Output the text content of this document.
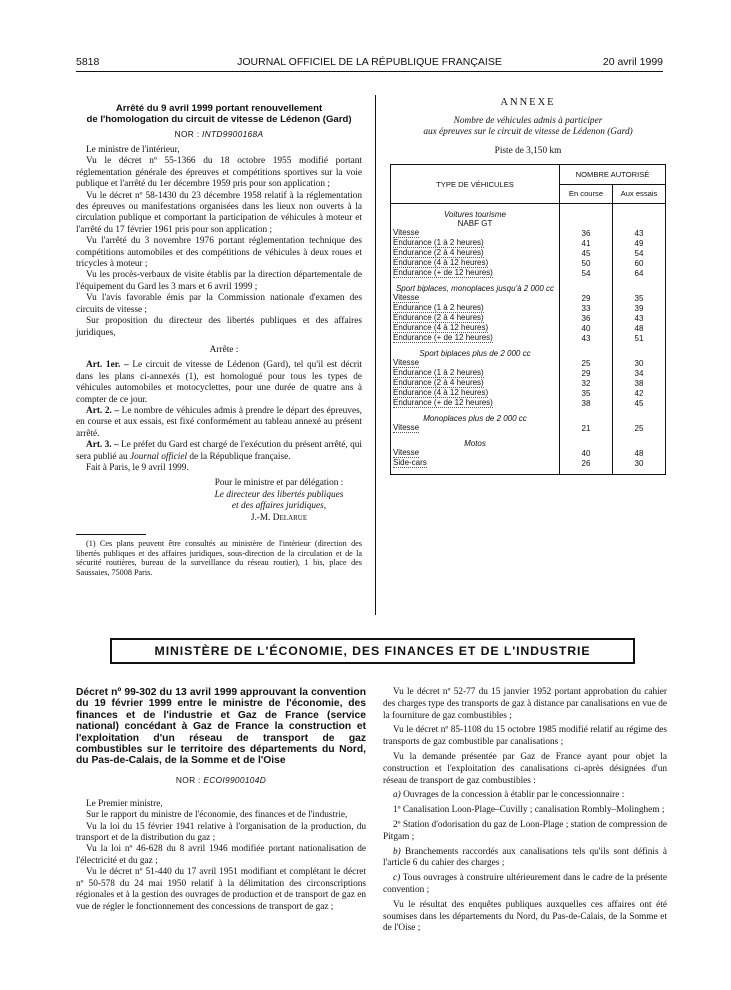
5818	JOURNAL OFFICIEL DE LA RÉPUBLIQUE FRANÇAISE	20 avril 1999

Arrêté du 9 avril 1999 portant renouvellement
de l'homologation du circuit de vitesse de Lédenon (Gard)

NOR : INTD9900168A

Le ministre de l'intérieur,

Vu le décret nº 55-1366 du 18 octobre 1955 modifié portant réglementation générale des épreuves et compétitions sportives sur la voie publique et l'arrêté du 1er décembre 1959 pris pour son application ;

Vu le décret nº 58-1430 du 23 décembre 1958 relatif à la réglementation des épreuves ou manifestations organisées dans les lieux non ouverts à la circulation publique et comportant la participation de véhicules à moteur et l'arrêté du 17 février 1961 pris pour son application ;

Vu l'arrêté du 3 novembre 1976 portant réglementation technique des compétitions automobiles et des compétitions de véhicules à deux roues et tricycles à moteur ;

Vu les procès-verbaux de visite établis par la direction départementale de l'équipement du Gard les 3 mars et 6 avril 1999 ;

Vu l'avis favorable émis par la Commission nationale d'examen des circuits de vitesse ;

Sur proposition du directeur des libertés publiques et des affaires juridiques,

Arrête :

Art. 1er. – Le circuit de vitesse de Lédenon (Gard), tel qu'il est décrit dans les plans ci-annexés (1), est homologué pour tous les types de véhicules automobiles et motocyclettes, pour une durée de quatre ans à compter de ce jour.

Art. 2. – Le nombre de véhicules admis à prendre le départ des épreuves, en course et aux essais, est fixé conformément au tableau annexé au présent arrêté.

Art. 3. – Le préfet du Gard est chargé de l'exécution du présent arrêté, qui sera publié au Journal officiel de la République française.

Fait à Paris, le 9 avril 1999.

Pour le ministre et par délégation :
Le directeur des libertés publiques
et des affaires juridiques,
J.-M. Delarue

(1) Ces plans peuvent être consultés au ministère de l'intérieur (direction des libertés publiques et des affaires juridiques, sous-direction de la circulation et de la sécurité routières, bureau de la surveillance du réseau routier), 1 bis, place des Saussaies, 75008 Paris.

ANNEXE
Nombre de véhicules admis à participer
aux épreuves sur le circuit de vitesse de Lédenon (Gard)
Piste de 3,150 km
TYPE DE VÉHICULES	NOMBRE AUTORISÉ	
	En course	Aux essais
Voitures tourisme
NABF GT		
Vitesse	36	43
Endurance (1 à 2 heures)	41	49
Endurance (2 à 4 heures)	45	54
Endurance (4 à 12 heures)	50	60
Endurance (+ de 12 heures)	54	64
Sport biplaces, monoplaces jusqu'à 2 000 cc		
Vitesse	29	35
Endurance (1 à 2 heures)	33	39
Endurance (2 à 4 heures)	36	43
Endurance (4 à 12 heures)	40	48
Endurance (+ de 12 heures)	43	51
Sport biplaces plus de 2 000 cc		
Vitesse	25	30
Endurance (1 à 2 heures)	29	34
Endurance (2 à 4 heures)	32	38
Endurance (4 à 12 heures)	35	42
Endurance (+ de 12 heures)	38	45
Monoplaces plus de 2 000 cc		
Vitesse	21	25
Motos		
Vitesse	40	48
Side-cars	26	30

MINISTÈRE DE L'ÉCONOMIE, DES FINANCES ET DE L'INDUSTRIE

Décret nº 99-302 du 13 avril 1999 approuvant la convention du 19 février 1999 entre le ministre de l'économie, des finances et de l'industrie et Gaz de France (service national) concédant à Gaz de France la construction et l'exploitation d'un réseau de transport de gaz combustibles sur le territoire des départements du Nord, du Pas-de-Calais, de la Somme et de l'Oise

NOR : ECOI9900104D

Le Premier ministre,

Sur le rapport du ministre de l'économie, des finances et de l'industrie,

Vu la loi du 15 février 1941 relative à l'organisation de la production, du transport et de la distribution du gaz ;

Vu la loi nº 46-628 du 8 avril 1946 modifiée portant nationalisation de l'électricité et du gaz ;

Vu le décret nº 51-440 du 17 avril 1951 modifiant et complétant le décret nº 50-578 du 24 mai 1950 relatif à la délimitation des circonscriptions régionales et à la gestion des ouvrages de production et de transport de gaz en vue de régler le fonctionnement des concessions de transport de gaz ;

Vu le décret nº 52-77 du 15 janvier 1952 portant approbation du cahier des charges type des transports de gaz à distance par canalisations en vue de la fourniture de gaz combustibles ;

Vu le décret nº 85-1108 du 15 octobre 1985 modifié relatif au régime des transports de gaz combustible par canalisations ;

Vu la demande présentée par Gaz de France ayant pour objet la construction et l'exploitation des canalisations ci-après désignées d'un réseau de transport de gaz combustibles :

a) Ouvrages de la concession à établir par le concessionnaire :

1º Canalisation Loon-Plage–Cuvilly ; canalisation Rombly–Molinghem ;

2º Station d'odorisation du gaz de Loon-Plage ; station de compression de Pitgam ;

b) Branchements raccordés aux canalisations tels qu'ils sont définis à l'article 6 du cahier des charges ;

c) Tous ouvrages à construire ultérieurement dans le cadre de la présente convention ;

Vu le résultat des enquêtes publiques auxquelles ces affaires ont été soumises dans les départements du Nord, du Pas-de-Calais, de la Somme et de l'Oise ;
